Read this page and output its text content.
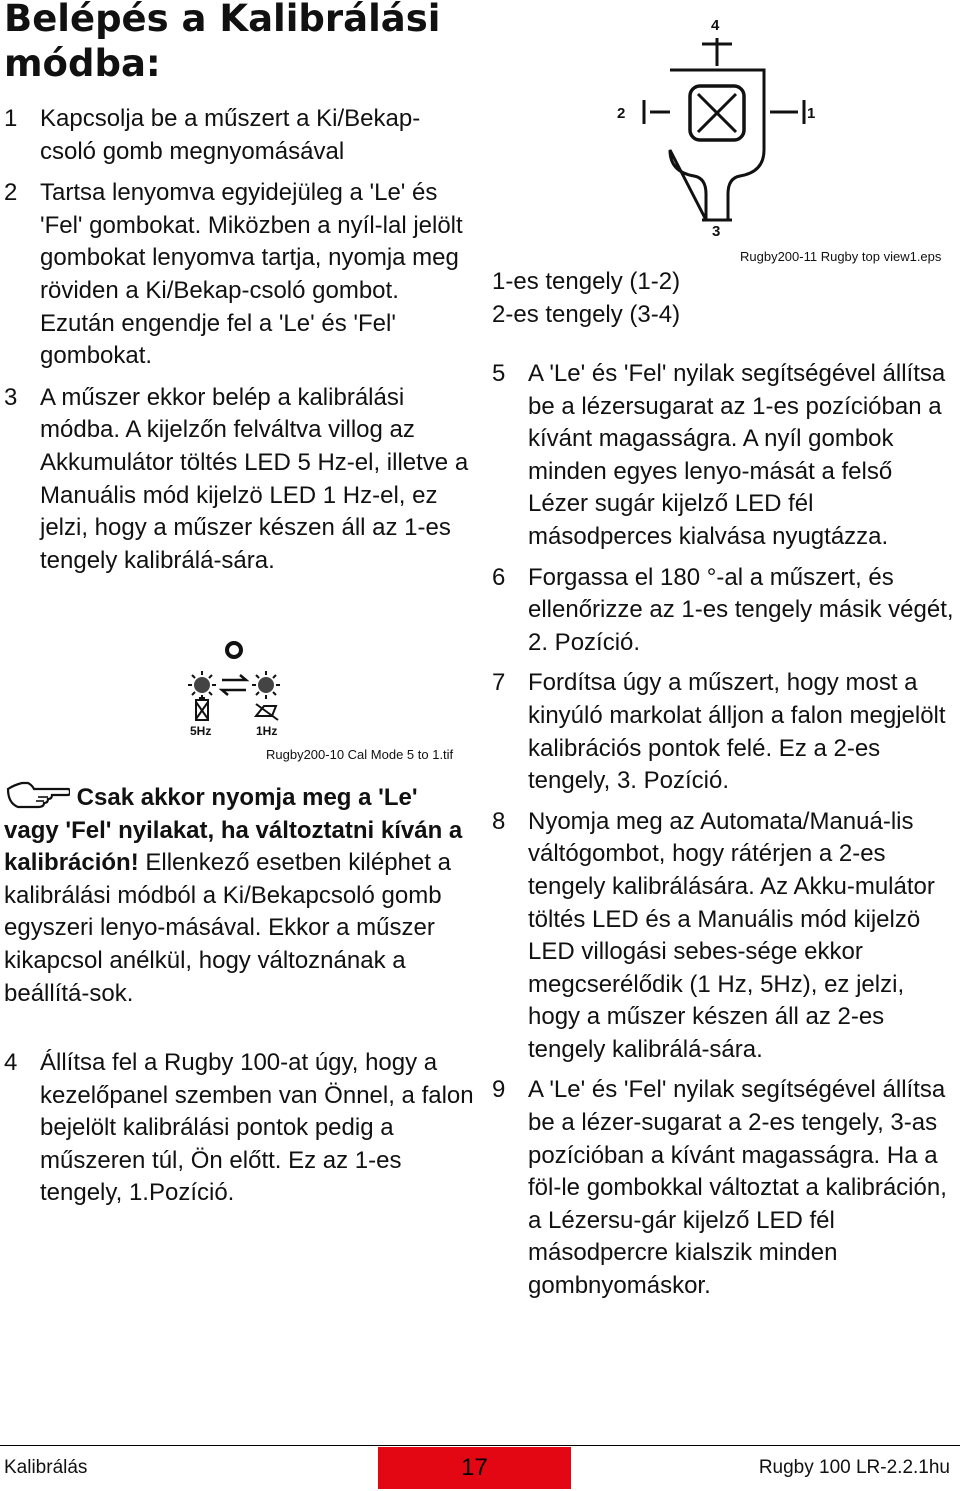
Belépés a Kalibrálási módba:
1 Kapcsolja be a műszert a Ki/Bekap-csoló gomb megnyomásával
2 Tartsa lenyomva egyidejüleg a 'Le' és 'Fel' gombokat. Miközben a nyíl-lal jelölt gombokat lenyomva tartja, nyomja meg röviden a Ki/Bekap-csoló gombot. Ezután engendje fel a 'Le' és 'Fel' gombokat.
3 A műszer ekkor belép a kalibrálási módba. A kijelzőn felváltva villog az Akkumulátor töltés LED 5 Hz-el, illetve a Manuális mód kijelzö LED 1 Hz-el, ez jelzi, hogy a műszer készen áll az 1-es tengely kalibrálá-sára.
5Hz	1Hz
Rugby200-10 Cal Mode 5 to 1.tif
Csak akkor nyomja meg a 'Le' vagy 'Fel' nyilakat, ha változtatni kíván a kalibráción! Ellenkező esetben kiléphet a kalibrálási módból a Ki/Bekapcsoló gomb egyszeri lenyo-másával. Ekkor a műszer kikapcsol anélkül, hogy változnának a beállítá-sok.
4 Állítsa fel a Rugby 100-at úgy, hogy a kezelőpanel szemben van Önnel, a falon bejelölt kalibrálási pontok pedig a műszeren túl, Ön előtt. Ez az 1-es tengely, 1.Pozíció.
4
2	1
3
Rugby200-11 Rugby top view1.eps
1-es tengely (1-2)
2-es tengely (3-4)
5 A 'Le' és 'Fel' nyilak segítségével állítsa be a lézersugarat az 1-es pozícióban a kívánt magasságra. A nyíl gombok minden egyes lenyo-mását a felső Lézer sugár kijelző LED fél másodperces kialvása nyugtázza.
6 Forgassa el 180 °-al a műszert, és ellenőrizze az 1-es tengely másik végét, 2. Pozíció.
7 Fordítsa úgy a műszert, hogy most a kinyúló markolat álljon a falon megjelölt kalibrációs pontok felé. Ez a 2-es tengely, 3. Pozíció.
8 Nyomja meg az Automata/Manuá-lis váltógombot, hogy rátérjen a 2-es tengely kalibrálására. Az Akku-mulátor töltés LED és a Manuális mód kijelzö LED villogási sebes-sége ekkor megcserélődik (1 Hz, 5Hz), ez jelzi, hogy a műszer készen áll az 2-es tengely kalibrálá-sára.
9 A 'Le' és 'Fel' nyilak segítségével állítsa be a lézer-sugarat a 2-es tengely, 3-as pozícióban a kívánt magasságra. Ha a föl-le gombokkal változtat a kalibráción, a Lézersu-gár kijelző LED fél másodpercre kialszik minden gombnyomáskor.
Kalibrálás	17	Rugby 100 LR-2.2.1hu
